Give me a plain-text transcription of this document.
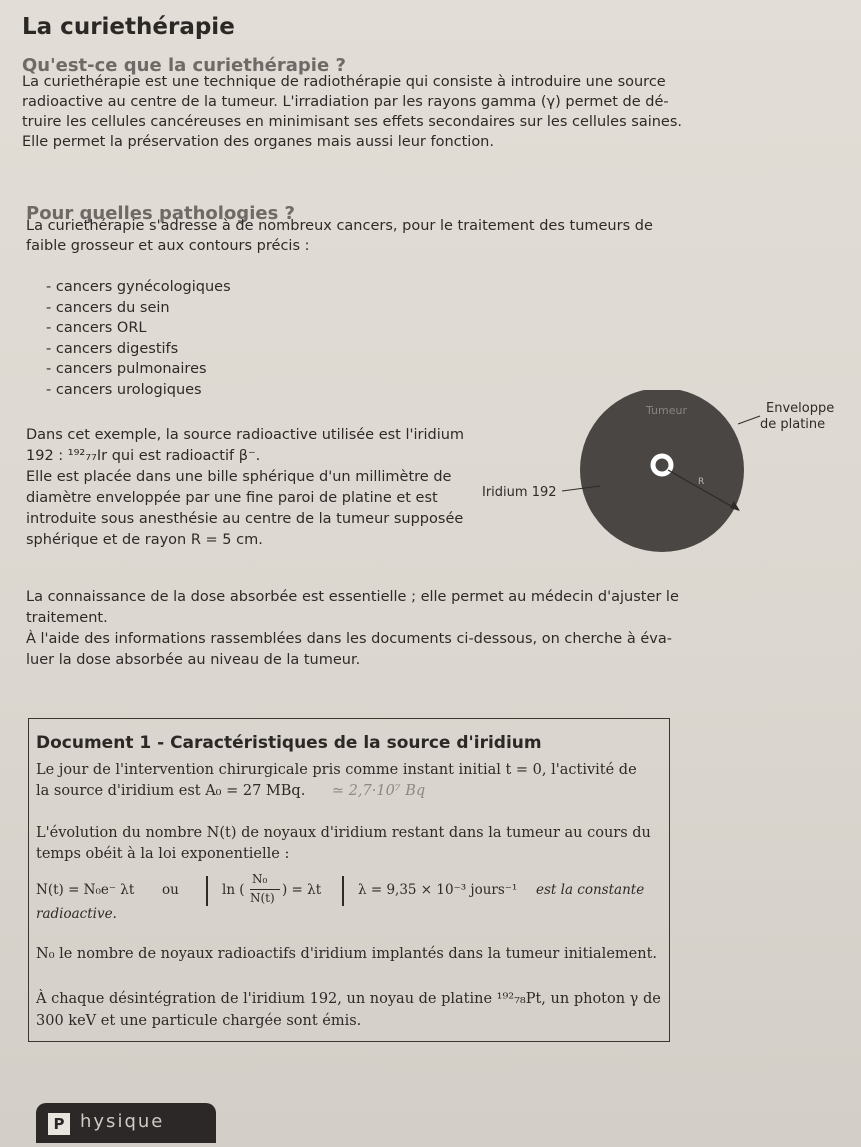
La curiethérapie
Qu'est-ce que la curiethérapie ?
La curiethérapie est une technique de radiothérapie qui consiste à introduire une source
radioactive au centre de la tumeur. L'irradiation par les rayons gamma (γ) permet de dé-
truire les cellules cancéreuses en minimisant ses effets secondaires sur les cellules saines.
Elle permet la préservation des organes mais aussi leur fonction.
Pour quelles pathologies ?
La curiethérapie s'adresse à de nombreux cancers, pour le traitement des tumeurs de
faible grosseur et aux contours précis :
- cancers gynécologiques
- cancers du sein
- cancers ORL
- cancers digestifs
- cancers pulmonaires
- cancers urologiques
Dans cet exemple, la source radioactive utilisée est l'iridium
192 : ¹⁹²₇₇Ir qui est radioactif β⁻.
Elle est placée dans une bille sphérique d'un millimètre de
diamètre enveloppée par une fine paroi de platine et est
introduite sous anesthésie au centre de la tumeur supposée
sphérique et de rayon R = 5 cm.
Tumeur
Iridium 192
R
Enveloppe
de platine
La connaissance de la dose absorbée est essentielle ; elle permet au médecin d'ajuster le
traitement.
À l'aide des informations rassemblées dans les documents ci-dessous, on cherche à éva-
luer la dose absorbée au niveau de la tumeur.
Document 1 - Caractéristiques de la source d'iridium
Le jour de l'intervention chirurgicale pris comme instant initial t = 0, l'activité de
la source d'iridium est A₀ = 27 MBq. ≃ 2,7·10⁷ Bq
L'évolution du nombre N(t) de noyaux d'iridium restant dans la tumeur au cours du
temps obéit à la loi exponentielle :
N(t) = N₀e⁻ λt ou	ln (
N₀
N(t) ) = λt	λ = 9,35 × 10⁻³ jours⁻¹ est la constante
radioactive.
N₀ le nombre de noyaux radioactifs d'iridium implantés dans la tumeur initialement.
À chaque désintégration de l'iridium 192, un noyau de platine ¹⁹²₇₈Pt, un photon γ de
300 keV et une particule chargée sont émis.
P hysique
